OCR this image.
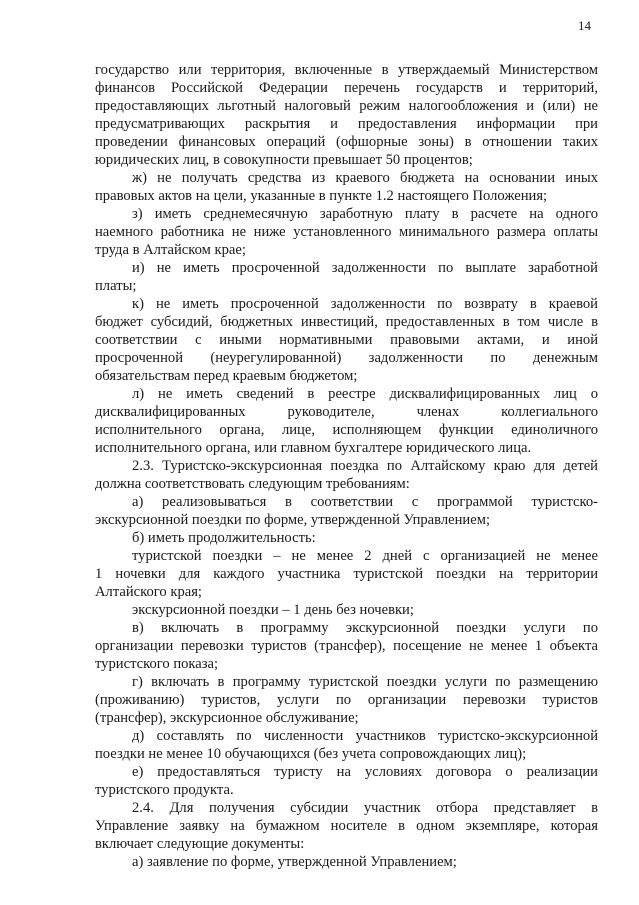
14
государство или территория, включенные в утверждаемый Министерством
финансов Российской Федерации перечень государств и территорий,
предоставляющих льготный налоговый режим налогообложения и (или) не
предусматривающих раскрытия и предоставления информации при
проведении финансовых операций (офшорные зоны) в отношении таких
юридических лиц, в совокупности превышает 50 процентов;
ж) не получать средства из краевого бюджета на основании иных
правовых актов на цели, указанные в пункте 1.2 настоящего Положения;
з) иметь среднемесячную заработную плату в расчете на одного
наемного работника не ниже установленного минимального размера оплаты
труда в Алтайском крае;
и) не иметь просроченной задолженности по выплате заработной
платы;
к) не иметь просроченной задолженности по возврату в краевой
бюджет субсидий, бюджетных инвестиций, предоставленных в том числе в
соответствии с иными нормативными правовыми актами, и иной
просроченной (неурегулированной) задолженности по денежным
обязательствам перед краевым бюджетом;
л) не иметь сведений в реестре дисквалифицированных лиц о
дисквалифицированных руководителе, членах коллегиального
исполнительного органа, лице, исполняющем функции единоличного
исполнительного органа, или главном бухгалтере юридического лица.
2.3. Туристско-экскурсионная поездка по Алтайскому краю для детей
должна соответствовать следующим требованиям:
а) реализовываться в соответствии с программой туристско-
экскурсионной поездки по форме, утвержденной Управлением;
б) иметь продолжительность:
туристской поездки – не менее 2 дней с организацией не менее
1 ночевки для каждого участника туристской поездки на территории
Алтайского края;
экскурсионной поездки – 1 день без ночевки;
в) включать в программу экскурсионной поездки услуги по
организации перевозки туристов (трансфер), посещение не менее 1 объекта
туристского показа;
г) включать в программу туристской поездки услуги по размещению
(проживанию) туристов, услуги по организации перевозки туристов
(трансфер), экскурсионное обслуживание;
д) составлять по численности участников туристско-экскурсионной
поездки не менее 10 обучающихся (без учета сопровождающих лиц);
е) предоставляться туристу на условиях договора о реализации
туристского продукта.
2.4. Для получения субсидии участник отбора представляет в
Управление заявку на бумажном носителе в одном экземпляре, которая
включает следующие документы:
а) заявление по форме, утвержденной Управлением;
